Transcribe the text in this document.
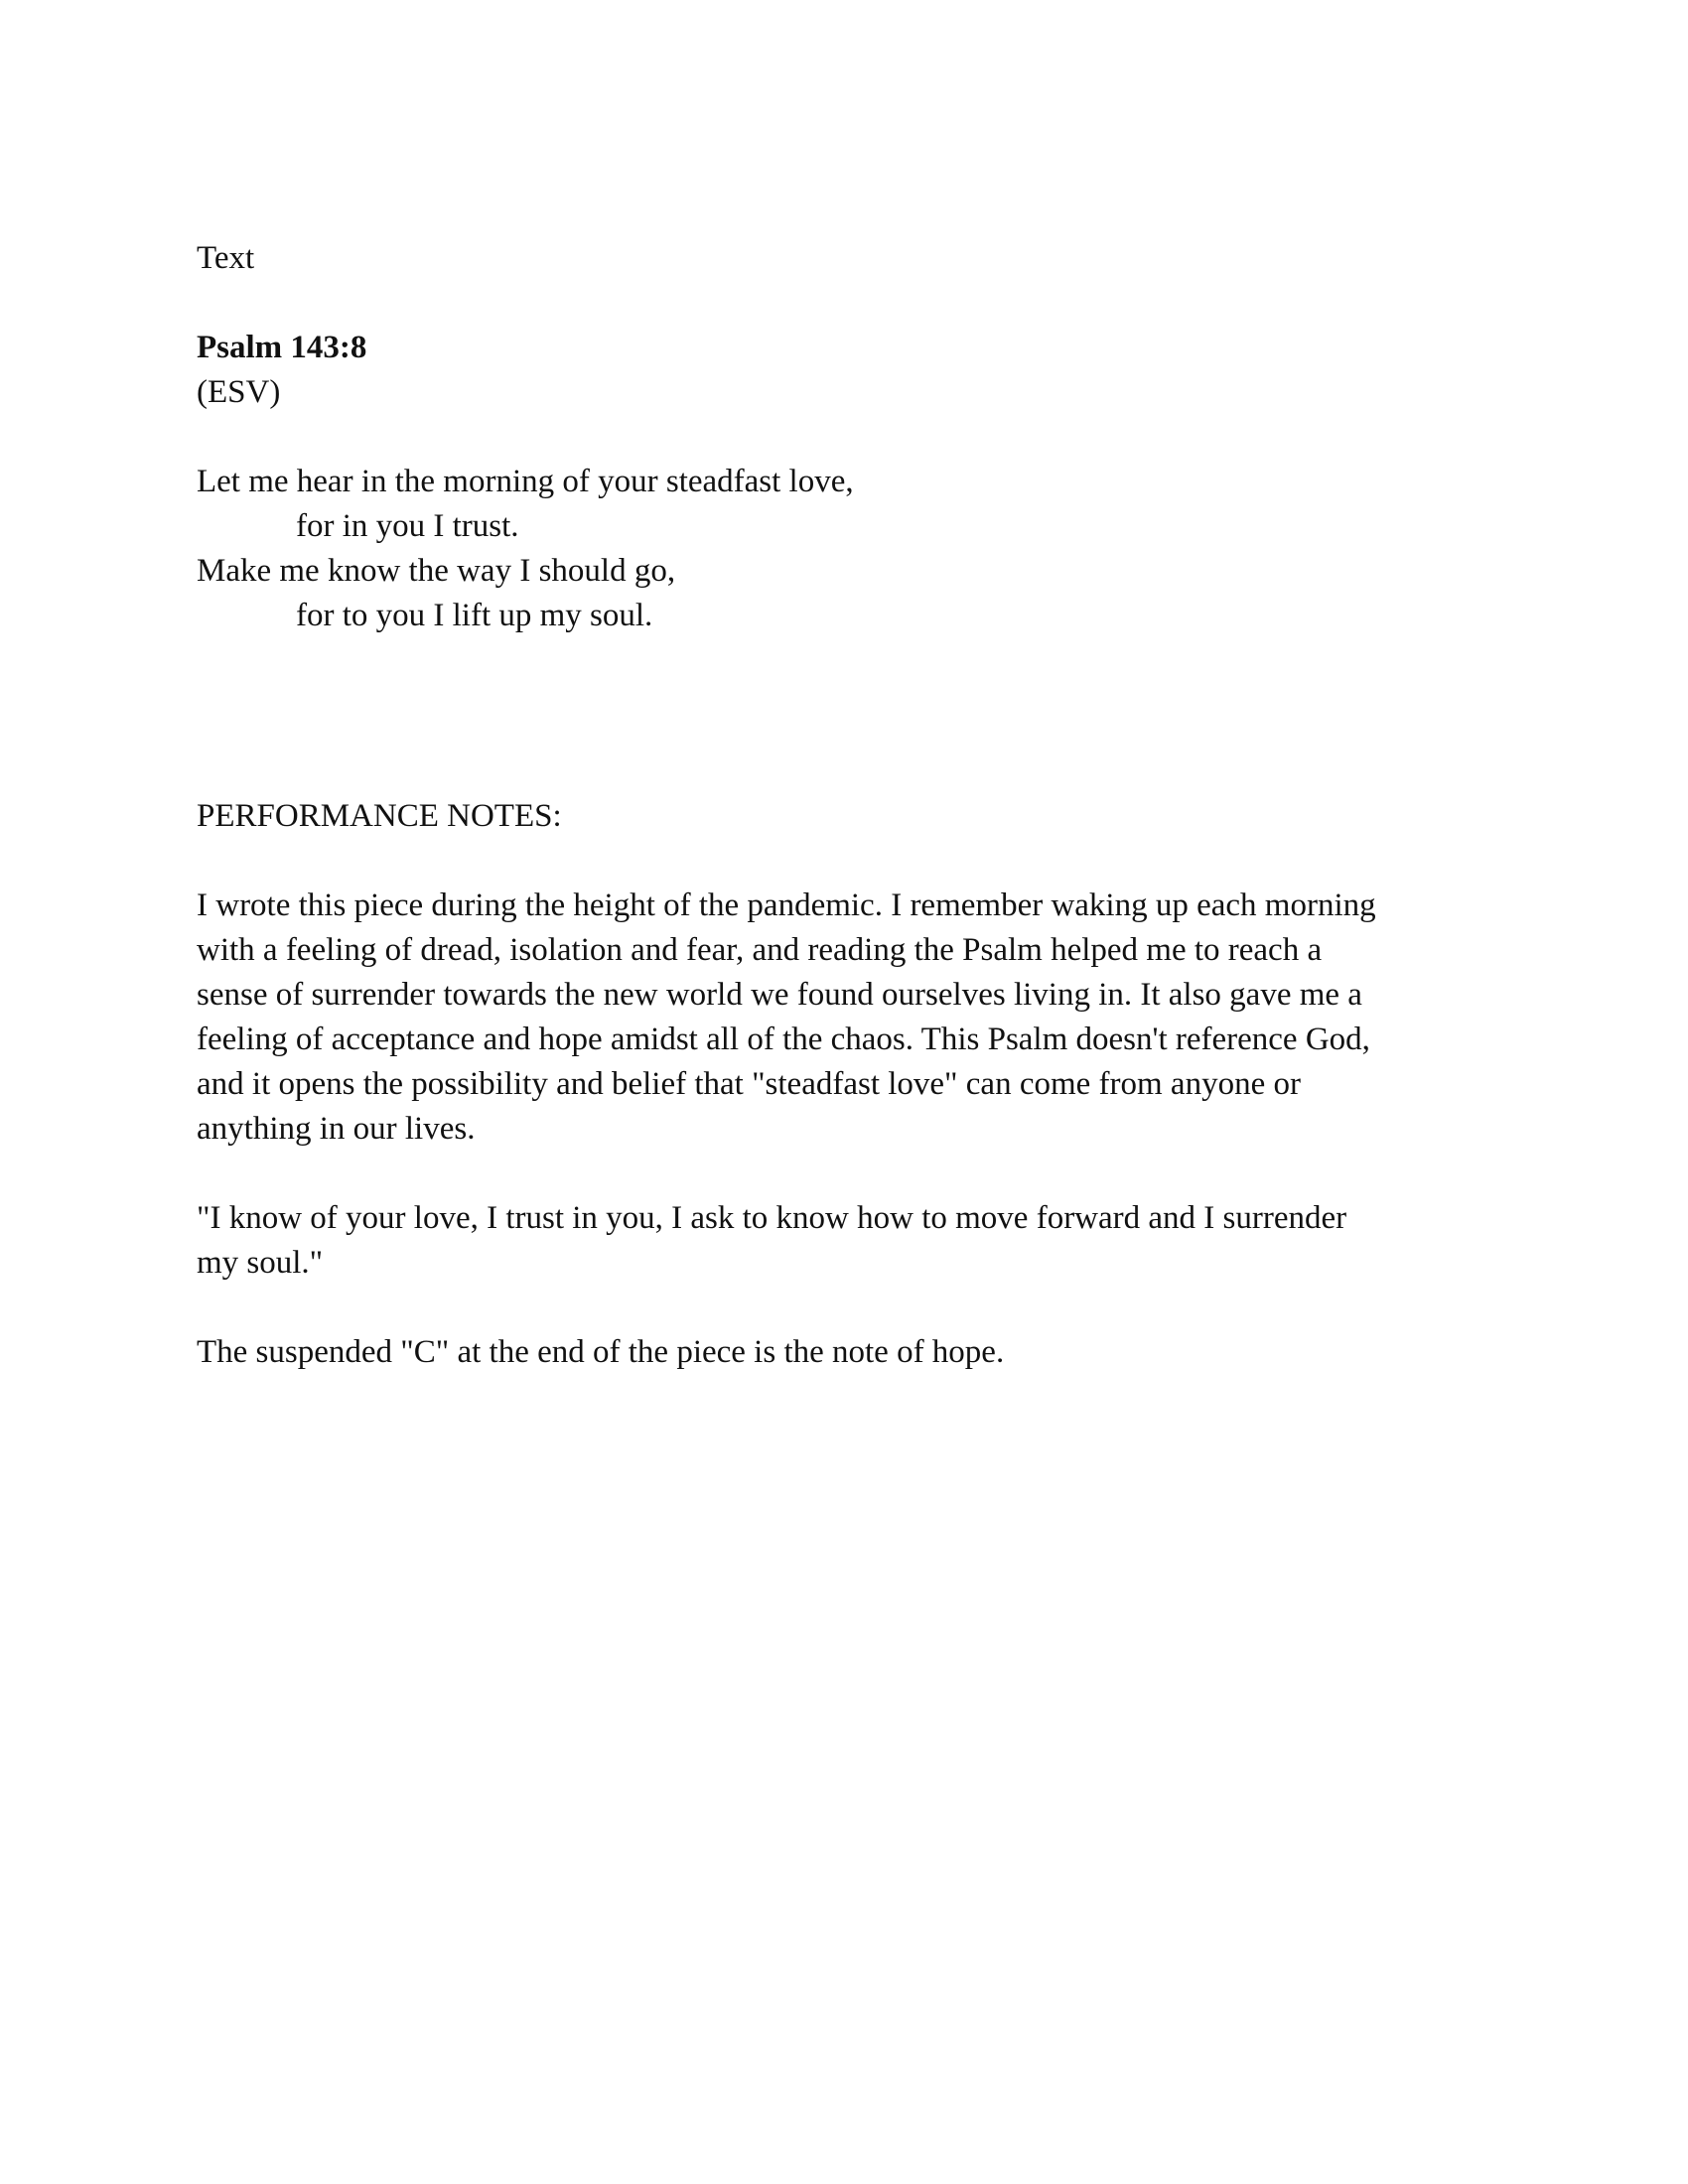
Text
Psalm 143:8
(ESV)
Let me hear in the morning of your steadfast love,
for in you I trust.
Make me know the way I should go,
for to you I lift up my soul.
PERFORMANCE NOTES:
I wrote this piece during the height of the pandemic. I remember waking up each morning
with a feeling of dread, isolation and fear, and reading the Psalm helped me to reach a
sense of surrender towards the new world we found ourselves living in. It also gave me a
feeling of acceptance and hope amidst all of the chaos. This Psalm doesn't reference God,
and it opens the possibility and belief that "steadfast love" can come from anyone or
anything in our lives.
"I know of your love, I trust in you, I ask to know how to move forward and I surrender
my soul."
The suspended "C" at the end of the piece is the note of hope.
